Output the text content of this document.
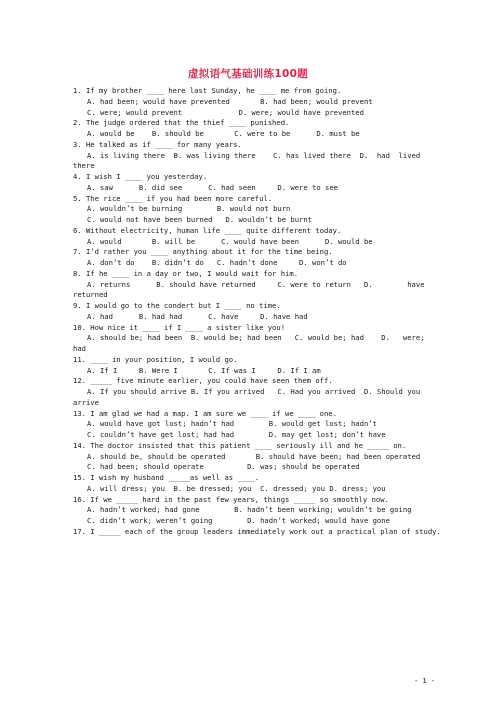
虚拟语气基础训练100题

1. If my brother ____ here last Sunday, he ____ me from going.

A. had been; would have prevented       B. had been; would prevent

C. were; would prevent             D. were; would have prevented

2. The judge ordered that the thief ____ punished.

A. would be    B. should be       C. were to be      D. must be

3. He talked as if ____ for many years.

A. is living there  B. was living there    C. has lived there  D.  had  lived

there

4. I wish I ____ you yesterday.

A. saw      B. did see      C. had seen     D. were to see

5. The rice ____ if you had been more careful.

A. wouldn’t be burning        B. would not burn

C. would not have been burned   D. wouldn’t be burnt

6. Without electricity, human life ____ quite different today.

A. would       B. will be      C. would have been      D. would be

7. I’d rather you ____ anything about it for the time being.

A. don’t do    B. didn’t do   C. hadn’t done     D. won’t do

8. If he ____ in a day or two, I would wait for him.

A. returns      B. should have returned     C. were to return   D.        have

returned

9. I would go to the condert but I ____ no time.

A. had      B. had had      C. have     D. have had

10. How nice it ____ if I ____ a sister like you!

A. should be; had been  B. would be; had been   C. would be; had    D.   were;

had

11. ____ in your position, I would go.

A. If I     B. Were I       C. If was I     D. If I am

12. _____ five minute earlier, you could have seen them off.

A. If you should arrive B. If you arrived   C. Had you arrived  D. Should you

arrive

13. I am glad we had a map. I am sure we ____ if we ____ one.

A. would have got lost; hadn’t had        B. would get lost; hadn’t

C. couldn’t have get lost; had had        D. may get lost; don’t have

14. The doctor insisted that this patient ____ seriously ill and he _____ on.

A. should be, should be operated       B. should have been; had been operated

C. had been; should operate          D. was; should be operated

15. I wish my husband _____as well as ____.

A. will dress; you  B. be dressed; you  C. dressed; you D. dress; you

16. If we _____ hard in the past few years, things _____ so smoothly now.

A. hadn’t worked; had gone        B. hadn’t been working; wouldn’t be going

C. didn’t work; weren’t going        D. hadn’t worked; would have gone

17. I _____ each of the group leaders immediately work out a practical plan of study.

- 1 -
